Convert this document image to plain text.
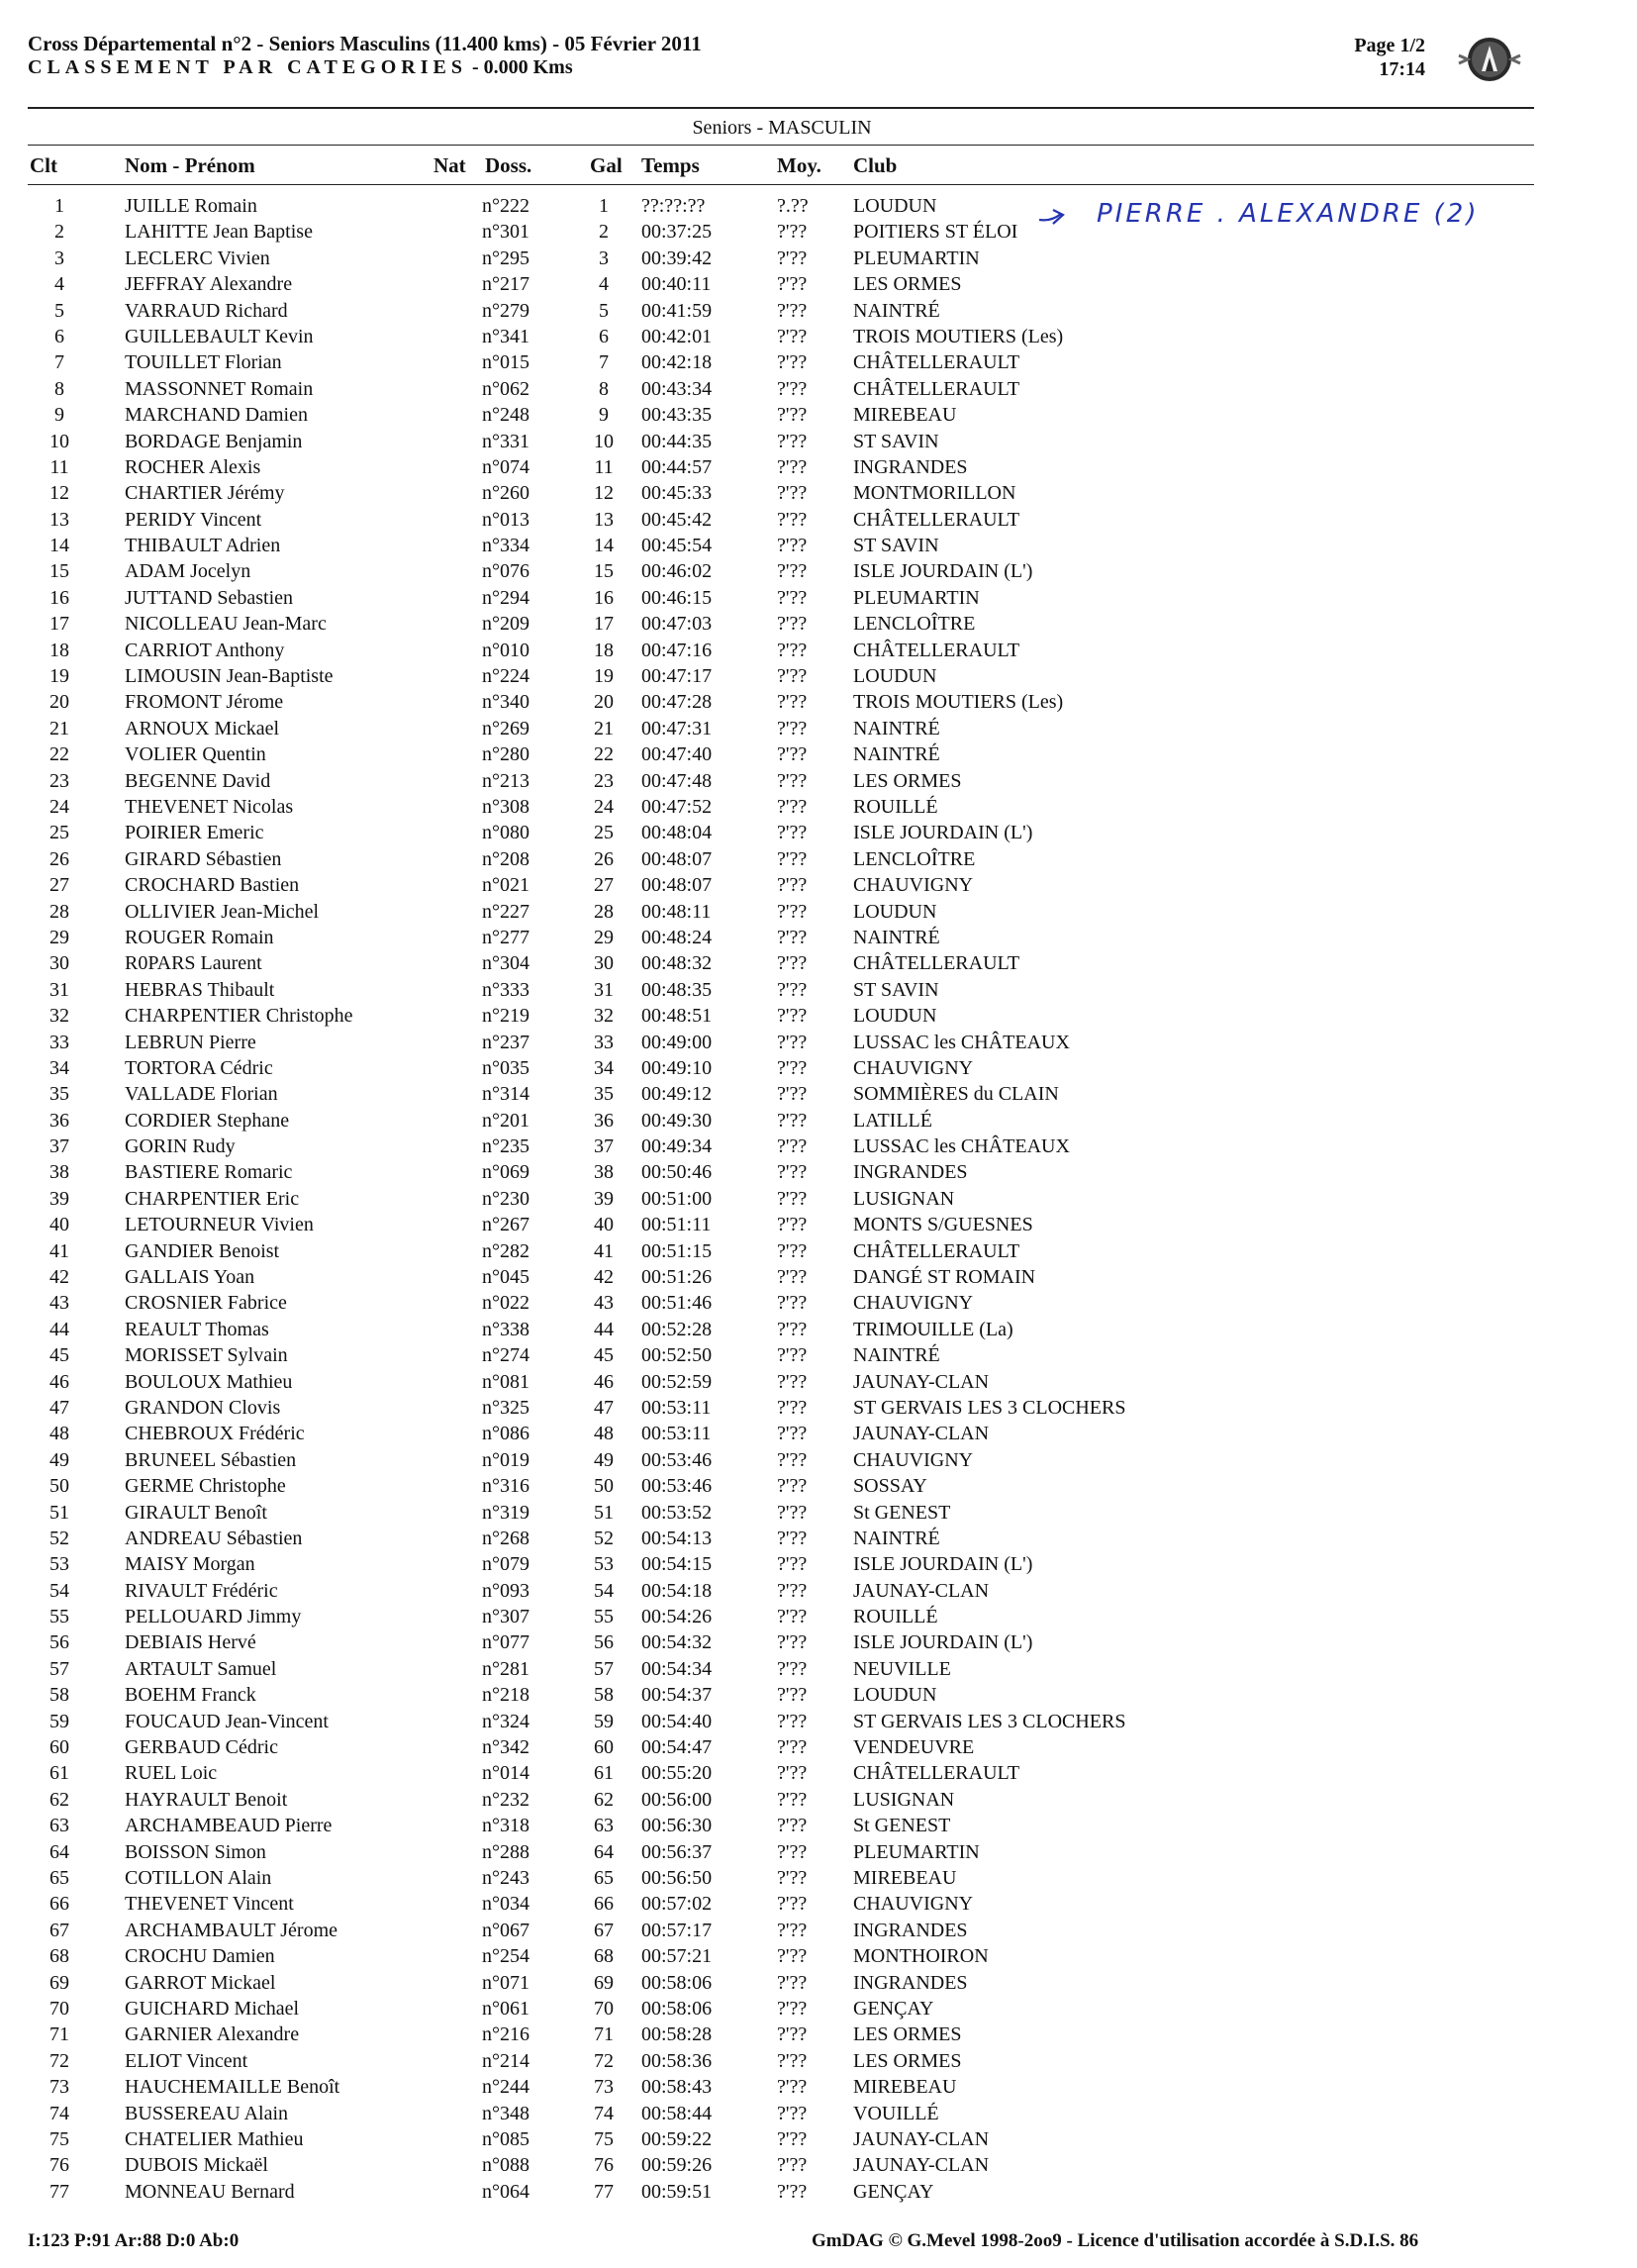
Cross Départemental n°2 - Seniors Masculins (11.400 kms) - 05 Février 2011
CLASSEMENT PAR CATEGORIES - 0.000 Kms
Page 1/2
17:14
Seniors - MASCULIN
Clt	Nom - Prénom	Nat Doss.	Gal Temps	Moy. Club
1	JUILLE Romain	n°222	1	??:??:??	?.?? LOUDUN
2	LAHITTE Jean Baptise	n°301	2	00:37:25	?'?? POITIERS ST ÉLOI
3	LECLERC Vivien	n°295	3	00:39:42	?'?? PLEUMARTIN
4	JEFFRAY Alexandre	n°217	4	00:40:11	?'?? LES ORMES
5	VARRAUD Richard	n°279	5	00:41:59	?'?? NAINTRÉ
6	GUILLEBAULT Kevin	n°341	6	00:42:01	?'?? TROIS MOUTIERS (Les)
7	TOUILLET Florian	n°015	7	00:42:18	?'?? CHÂTELLERAULT
8	MASSONNET Romain	n°062	8	00:43:34	?'?? CHÂTELLERAULT
9	MARCHAND Damien	n°248	9	00:43:35	?'?? MIREBEAU
10	BORDAGE Benjamin	n°331	10	00:44:35	?'?? ST SAVIN
11	ROCHER Alexis	n°074	11	00:44:57	?'?? INGRANDES
12	CHARTIER Jérémy	n°260	12	00:45:33	?'?? MONTMORILLON
13	PERIDY Vincent	n°013	13	00:45:42	?'?? CHÂTELLERAULT
14	THIBAULT Adrien	n°334	14	00:45:54	?'?? ST SAVIN
15	ADAM Jocelyn	n°076	15	00:46:02	?'?? ISLE JOURDAIN (L')
16	JUTTAND Sebastien	n°294	16	00:46:15	?'?? PLEUMARTIN
17	NICOLLEAU Jean-Marc	n°209	17	00:47:03	?'?? LENCLOÎTRE
18	CARRIOT Anthony	n°010	18	00:47:16	?'?? CHÂTELLERAULT
19	LIMOUSIN Jean-Baptiste	n°224	19	00:47:17	?'?? LOUDUN
20	FROMONT Jérome	n°340	20	00:47:28	?'?? TROIS MOUTIERS (Les)
21	ARNOUX Mickael	n°269	21	00:47:31	?'?? NAINTRÉ
22	VOLIER Quentin	n°280	22	00:47:40	?'?? NAINTRÉ
23	BEGENNE David	n°213	23	00:47:48	?'?? LES ORMES
24	THEVENET Nicolas	n°308	24	00:47:52	?'?? ROUILLÉ
25	POIRIER Emeric	n°080	25	00:48:04	?'?? ISLE JOURDAIN (L')
26	GIRARD Sébastien	n°208	26	00:48:07	?'?? LENCLOÎTRE
27	CROCHARD Bastien	n°021	27	00:48:07	?'?? CHAUVIGNY
28	OLLIVIER Jean-Michel	n°227	28	00:48:11	?'?? LOUDUN
29	ROUGER Romain	n°277	29	00:48:24	?'?? NAINTRÉ
30	R0PARS Laurent	n°304	30	00:48:32	?'?? CHÂTELLERAULT
31	HEBRAS Thibault	n°333	31	00:48:35	?'?? ST SAVIN
32	CHARPENTIER Christophe	n°219	32	00:48:51	?'?? LOUDUN
33	LEBRUN Pierre	n°237	33	00:49:00	?'?? LUSSAC les CHÂTEAUX
34	TORTORA Cédric	n°035	34	00:49:10	?'?? CHAUVIGNY
35	VALLADE Florian	n°314	35	00:49:12	?'?? SOMMIÈRES du CLAIN
36	CORDIER Stephane	n°201	36	00:49:30	?'?? LATILLÉ
37	GORIN Rudy	n°235	37	00:49:34	?'?? LUSSAC les CHÂTEAUX
38	BASTIERE Romaric	n°069	38	00:50:46	?'?? INGRANDES
39	CHARPENTIER Eric	n°230	39	00:51:00	?'?? LUSIGNAN
40	LETOURNEUR Vivien	n°267	40	00:51:11	?'?? MONTS S/GUESNES
41	GANDIER Benoist	n°282	41	00:51:15	?'?? CHÂTELLERAULT
42	GALLAIS Yoan	n°045	42	00:51:26	?'?? DANGÉ ST ROMAIN
43	CROSNIER Fabrice	n°022	43	00:51:46	?'?? CHAUVIGNY
44	REAULT Thomas	n°338	44	00:52:28	?'?? TRIMOUILLE (La)
45	MORISSET Sylvain	n°274	45	00:52:50	?'?? NAINTRÉ
46	BOULOUX Mathieu	n°081	46	00:52:59	?'?? JAUNAY-CLAN
47	GRANDON Clovis	n°325	47	00:53:11	?'?? ST GERVAIS LES 3 CLOCHERS
48	CHEBROUX Frédéric	n°086	48	00:53:11	?'?? JAUNAY-CLAN
49	BRUNEEL Sébastien	n°019	49	00:53:46	?'?? CHAUVIGNY
50	GERME Christophe	n°316	50	00:53:46	?'?? SOSSAY
51	GIRAULT Benoît	n°319	51	00:53:52	?'?? St GENEST
52	ANDREAU Sébastien	n°268	52	00:54:13	?'?? NAINTRÉ
53	MAISY Morgan	n°079	53	00:54:15	?'?? ISLE JOURDAIN (L')
54	RIVAULT Frédéric	n°093	54	00:54:18	?'?? JAUNAY-CLAN
55	PELLOUARD Jimmy	n°307	55	00:54:26	?'?? ROUILLÉ
56	DEBIAIS Hervé	n°077	56	00:54:32	?'?? ISLE JOURDAIN (L')
57	ARTAULT Samuel	n°281	57	00:54:34	?'?? NEUVILLE
58	BOEHM Franck	n°218	58	00:54:37	?'?? LOUDUN
59	FOUCAUD Jean-Vincent	n°324	59	00:54:40	?'?? ST GERVAIS LES 3 CLOCHERS
60	GERBAUD Cédric	n°342	60	00:54:47	?'?? VENDEUVRE
61	RUEL Loic	n°014	61	00:55:20	?'?? CHÂTELLERAULT
62	HAYRAULT Benoit	n°232	62	00:56:00	?'?? LUSIGNAN
63	ARCHAMBEAUD Pierre	n°318	63	00:56:30	?'?? St GENEST
64	BOISSON Simon	n°288	64	00:56:37	?'?? PLEUMARTIN
65	COTILLON Alain	n°243	65	00:56:50	?'?? MIREBEAU
66	THEVENET Vincent	n°034	66	00:57:02	?'?? CHAUVIGNY
67	ARCHAMBAULT Jérome	n°067	67	00:57:17	?'?? INGRANDES
68	CROCHU Damien	n°254	68	00:57:21	?'?? MONTHOIRON
69	GARROT Mickael	n°071	69	00:58:06	?'?? INGRANDES
70	GUICHARD Michael	n°061	70	00:58:06	?'?? GENÇAY
71	GARNIER Alexandre	n°216	71	00:58:28	?'?? LES ORMES
72	ELIOT Vincent	n°214	72	00:58:36	?'?? LES ORMES
73	HAUCHEMAILLE Benoît	n°244	73	00:58:43	?'?? MIREBEAU
74	BUSSEREAU Alain	n°348	74	00:58:44	?'?? VOUILLÉ
75	CHATELIER Mathieu	n°085	75	00:59:22	?'?? JAUNAY-CLAN
76	DUBOIS Mickaël	n°088	76	00:59:26	?'?? JAUNAY-CLAN
77	MONNEAU Bernard	n°064	77	00:59:51	?'?? GENÇAY
PIERRE . ALEXANDRE (2)
I:123 P:91 Ar:88 D:0 Ab:0	GmDAG © G.Mevel 1998-2oo9 - Licence d'utilisation accordée à S.D.I.S. 86
